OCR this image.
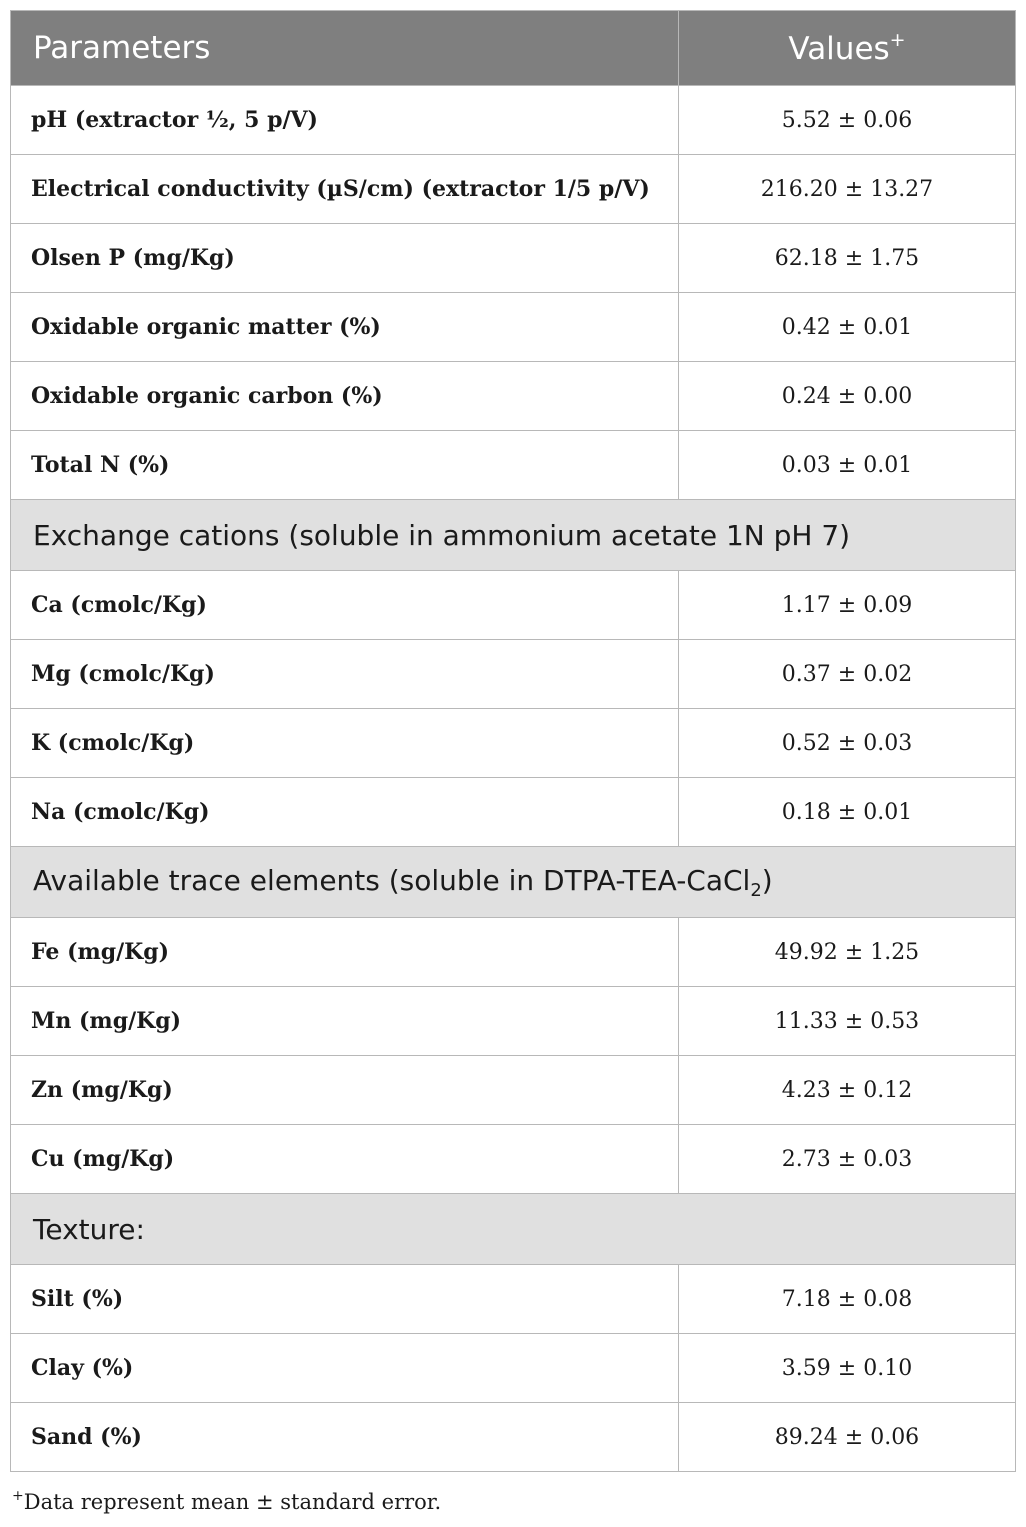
Parameters	Values+
pH (extractor ½, 5 p/V)	5.52 ± 0.06
Electrical conductivity (µS/cm) (extractor 1/5 p/V)	216.20 ± 13.27
Olsen P (mg/Kg)	62.18 ± 1.75
Oxidable organic matter (%)	0.42 ± 0.01
Oxidable organic carbon (%)	0.24 ± 0.00
Total N (%)	0.03 ± 0.01
Exchange cations (soluble in ammonium acetate 1N pH 7)	
Ca (cmolc/Kg)	1.17 ± 0.09
Mg (cmolc/Kg)	0.37 ± 0.02
K (cmolc/Kg)	0.52 ± 0.03
Na (cmolc/Kg)	0.18 ± 0.01
Available trace elements (soluble in DTPA-TEA-CaCl$_2$)	
Fe (mg/Kg)	49.92 ± 1.25
Mn (mg/Kg)	11.33 ± 0.53
Zn (mg/Kg)	4.23 ± 0.12
Cu (mg/Kg)	2.73 ± 0.03
Texture:	
Silt (%)	7.18 ± 0.08
Clay (%)	3.59 ± 0.10
Sand (%)	89.24 ± 0.06
+Data represent mean ± standard error.
